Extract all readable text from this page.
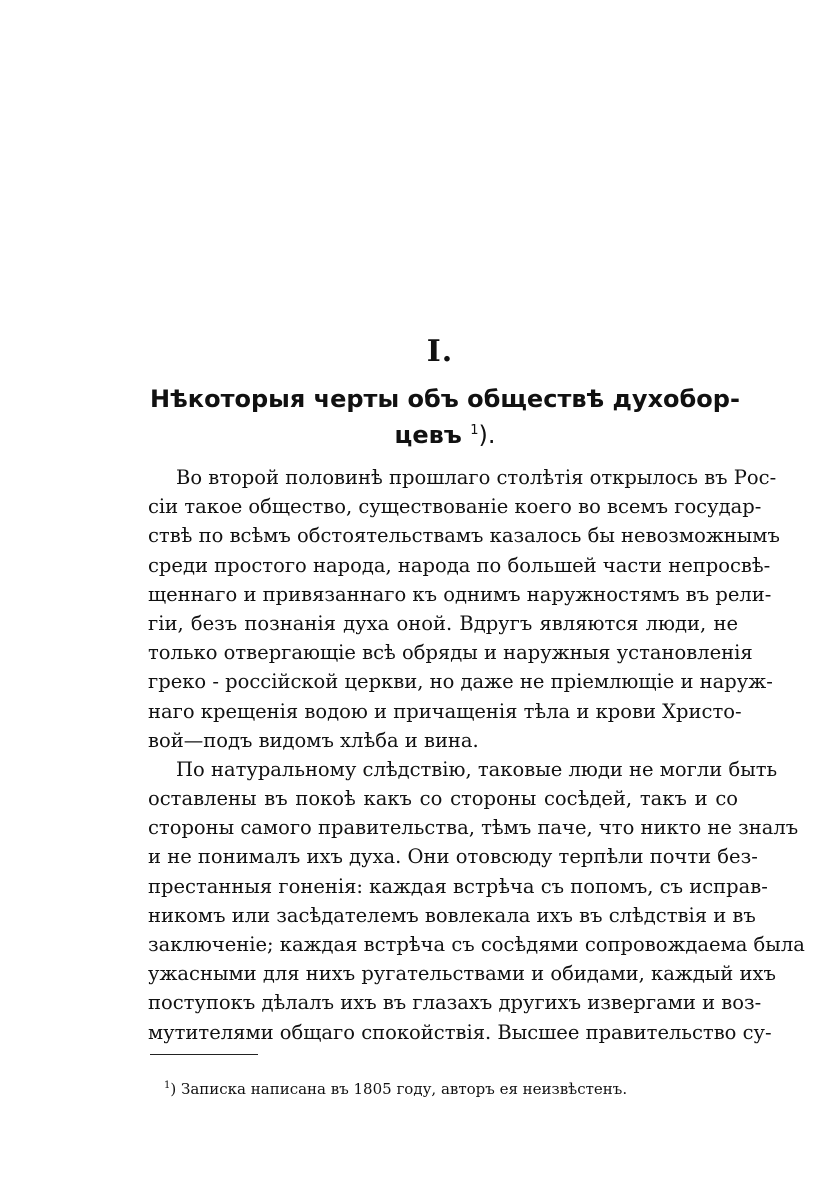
I.
Нѣкоторыя черты объ обществѣ духобор-
цевъ $^1$).

Во второй половинѣ прошлаго столѣтія открылось въ Рос-
сіи такое общество, существованіе коего во всемъ государ-
ствѣ по всѣмъ обстоятельствамъ казалось бы невозможнымъ
среди простого народа, народа по большей части непросвѣ-
щеннаго и привязаннаго къ однимъ наружностямъ въ рели-
гіи, безъ познанія духа оной. Вдругъ являются люди, не
только отвергающіе всѣ обряды и наружныя установленія
греко - россійской церкви, но даже не пріемлющіе и наруж-
наго крещенія водою и причащенія тѣла и крови Христо-
вой—подъ видомъ хлѣба и вина.

По натуральному слѣдствію, таковые люди не могли быть
оставлены въ покоѣ какъ со стороны сосѣдей, такъ и со
стороны самого правительства, тѣмъ паче, что никто не зналъ
и не понималъ ихъ духа. Они отовсюду терпѣли почти без-
престанныя гоненія: каждая встрѣча съ попомъ, съ исправ-
никомъ или засѣдателемъ вовлекала ихъ въ слѣдствія и въ
заключеніе; каждая встрѣча съ сосѣдями сопровождаема была
ужасными для нихъ ругательствами и обидами, каждый ихъ
поступокъ дѣлалъ ихъ въ глазахъ другихъ извергами и воз-
мутителями общаго спокойствія. Высшее правительство су-

$^1$) Записка написана въ 1805 году, авторъ ея неизвѣстенъ.
